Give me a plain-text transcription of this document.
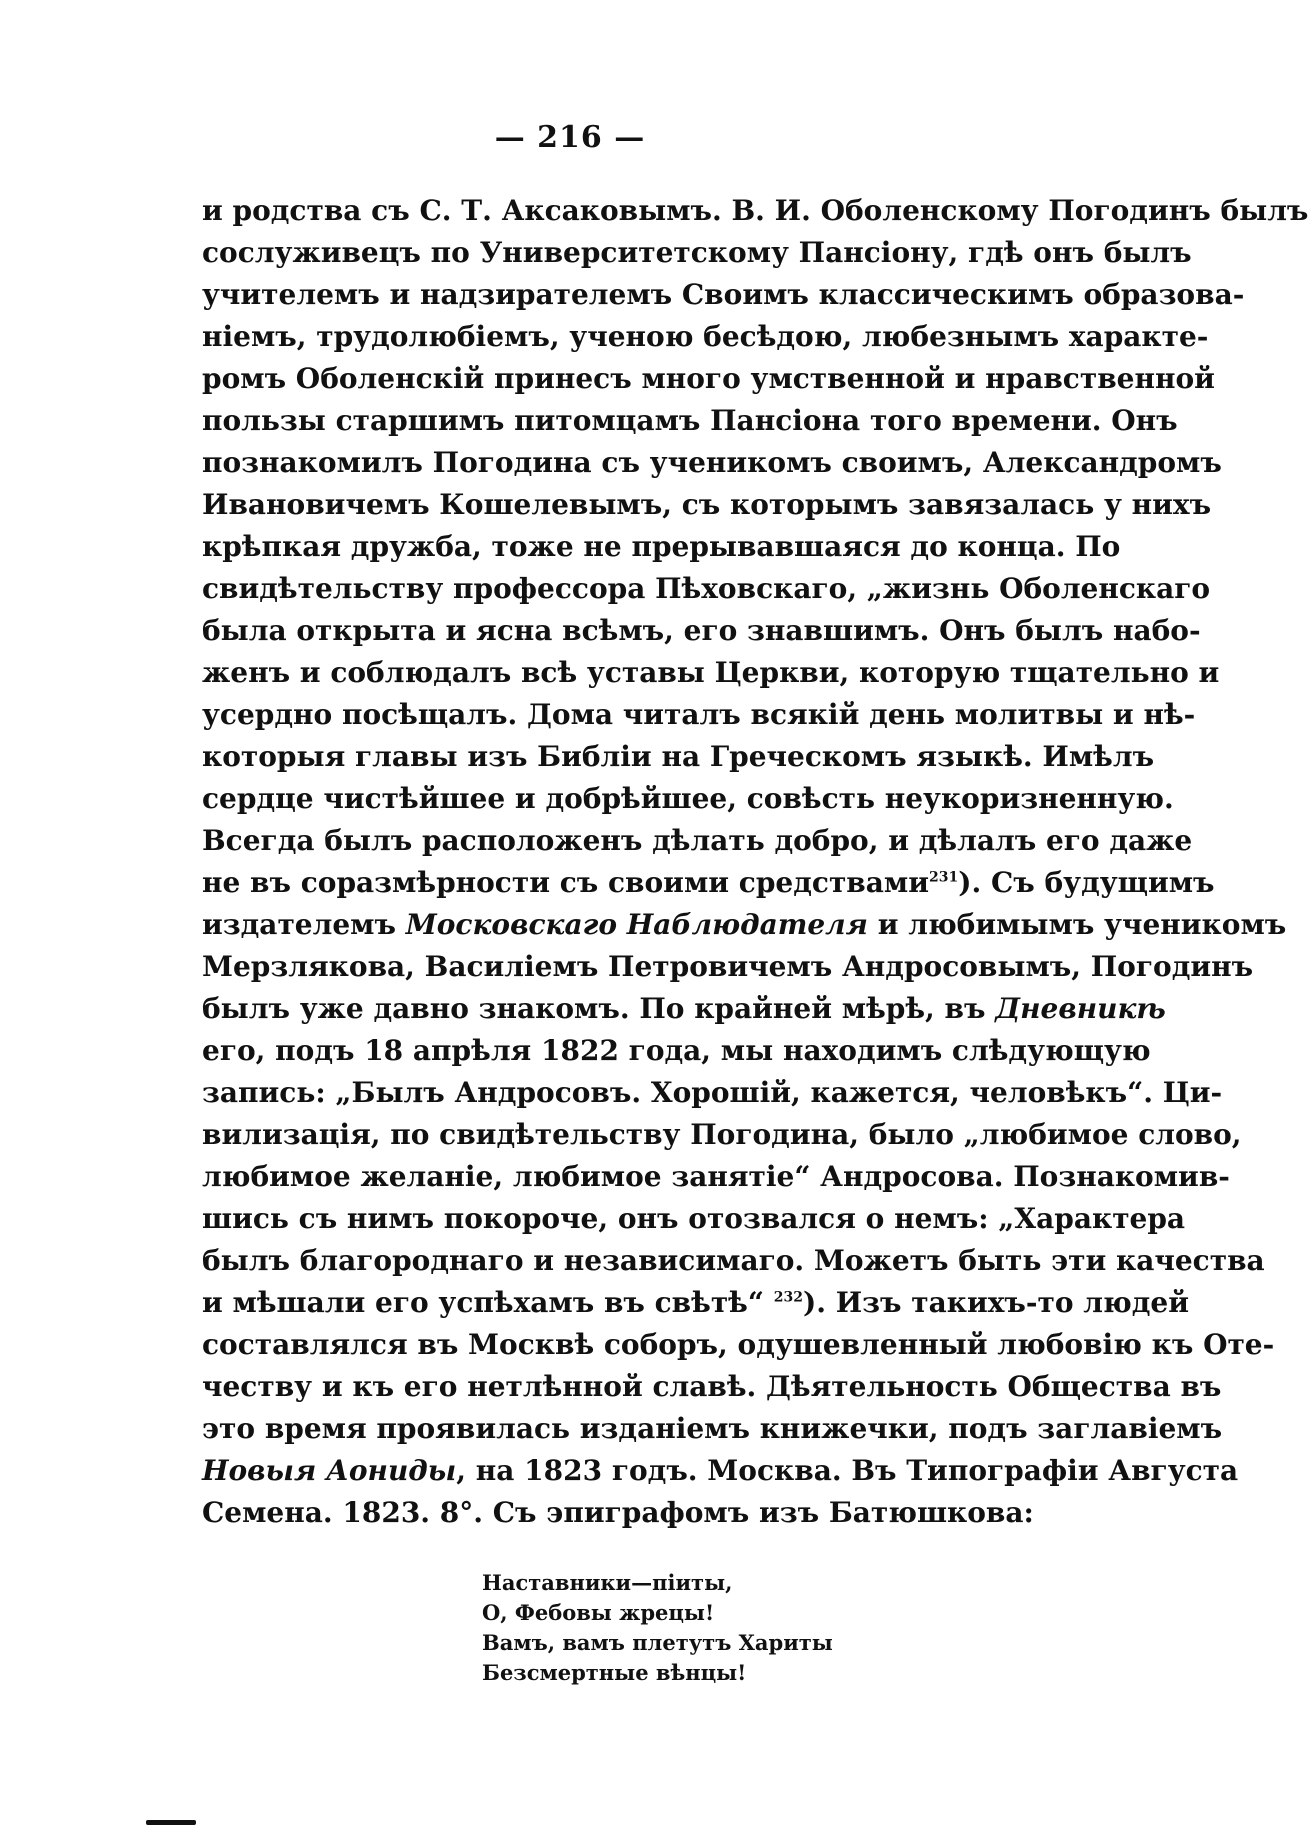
— 216 —
и родства съ С. Т. Аксаковымъ. В. И. Оболенскому Погодинъ былъ
сослуживецъ по Университетскому Пансіону, гдѣ онъ былъ
учителемъ и надзирателемъ Своимъ классическимъ образова-
ніемъ, трудолюбіемъ, ученою бесѣдою, любезнымъ характе-
ромъ Оболенскій принесъ много умственной и нравственной
пользы старшимъ питомцамъ Пансіона того времени. Онъ
познакомилъ Погодина съ ученикомъ своимъ, Александромъ
Ивановичемъ Кошелевымъ, съ которымъ завязалась у нихъ
крѣпкая дружба, тоже не прерывавшаяся до конца. По
свидѣтельству профессора Пѣховскаго, „жизнь Оболенскаго
была открыта и ясна всѣмъ, его знавшимъ. Онъ былъ набо-
женъ и соблюдалъ всѣ уставы Церкви, которую тщательно и
усердно посѣщалъ. Дома читалъ всякій день молитвы и нѣ-
которыя главы изъ Библіи на Греческомъ языкѣ. Имѣлъ
сердце чистѣйшее и добрѣйшее, совѣсть неукоризненную.
Всегда былъ расположенъ дѣлать добро, и дѣлалъ его даже
не въ соразмѣрности съ своими средствами$^{231}$). Съ будущимъ
издателемъ Московскаго Наблюдателя и любимымъ ученикомъ
Мерзлякова, Василіемъ Петровичемъ Андросовымъ, Погодинъ
былъ уже давно знакомъ. По крайней мѣрѣ, въ Дневникѣ
его, подъ 18 апрѣля 1822 года, мы находимъ слѣдующую
запись: „Былъ Андросовъ. Хорошій, кажется, человѣкъ“. Ци-
вилизація, по свидѣтельству Погодина, было „любимое слово,
любимое желаніе, любимое занятіе“ Андросова. Познакомив-
шись съ нимъ покороче, онъ отозвался о немъ: „Характера
былъ благороднаго и независимаго. Можетъ быть эти качества
и мѣшали его успѣхамъ въ свѣтѣ“ $^{232}$). Изъ такихъ-то людей
составлялся въ Москвѣ соборъ, одушевленный любовію къ Оте-
честву и къ его нетлѣнной славѣ. Дѣятельность Общества въ
это время проявилась изданіемъ книжечки, подъ заглавіемъ
Новыя Аониды, на 1823 годъ. Москва. Въ Типографіи Августа
Семена. 1823. 8°. Съ эпиграфомъ изъ Батюшкова:
Наставники—піиты,
О, Фебовы жрецы!
Вамъ, вамъ плетутъ Хариты
Безсмертные вѣнцы!
